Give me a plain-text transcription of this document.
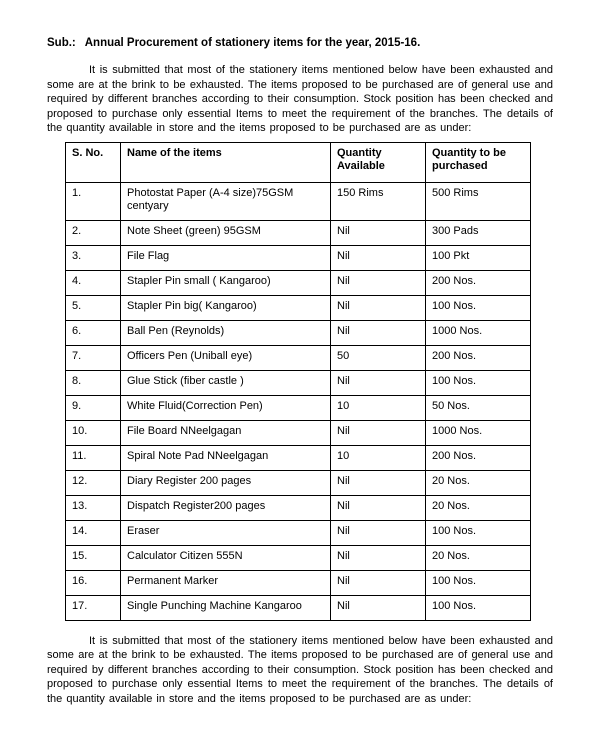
Sub.: Annual Procurement of stationery items for the year, 2015-16.

It is submitted that most of the stationery items mentioned below have been exhausted and some are at the brink to be exhausted. The items proposed to be purchased are of general use and required by different branches according to their consumption. Stock position has been checked and proposed to purchase only essential Items to meet the requirement of the branches. The details of the quantity available in store and the items proposed to be purchased are as under:

S. No.	Name of the items	Quantity Available	Quantity to be purchased
1.	Photostat Paper (A-4 size)75GSM centyary	150 Rims	500 Rims
2.	Note Sheet (green) 95GSM	Nil	300 Pads
3.	File Flag	Nil	100 Pkt
4.	Stapler Pin small ( Kangaroo)	Nil	200 Nos.
5.	Stapler Pin big( Kangaroo)	Nil	100 Nos.
6.	Ball Pen (Reynolds)	Nil	1000 Nos.
7.	Officers Pen (Uniball eye)	50	200 Nos.
8.	Glue Stick (fiber castle )	Nil	100 Nos.
9.	White Fluid(Correction Pen)	10	50 Nos.
10.	File Board NNeelgagan	Nil	1000 Nos.
11.	Spiral Note Pad NNeelgagan	10	200 Nos.
12.	Diary Register 200 pages	Nil	20 Nos.
13.	Dispatch Register200 pages	Nil	20 Nos.
14.	Eraser	Nil	100 Nos.
15.	Calculator Citizen 555N	Nil	20 Nos.
16.	Permanent Marker	Nil	100 Nos.
17.	Single Punching Machine Kangaroo	Nil	100 Nos.

It is submitted that most of the stationery items mentioned below have been exhausted and some are at the brink to be exhausted. The items proposed to be purchased are of general use and required by different branches according to their consumption. Stock position has been checked and proposed to purchase only essential Items to meet the requirement of the branches. The details of the quantity available in store and the items proposed to be purchased are as under:
